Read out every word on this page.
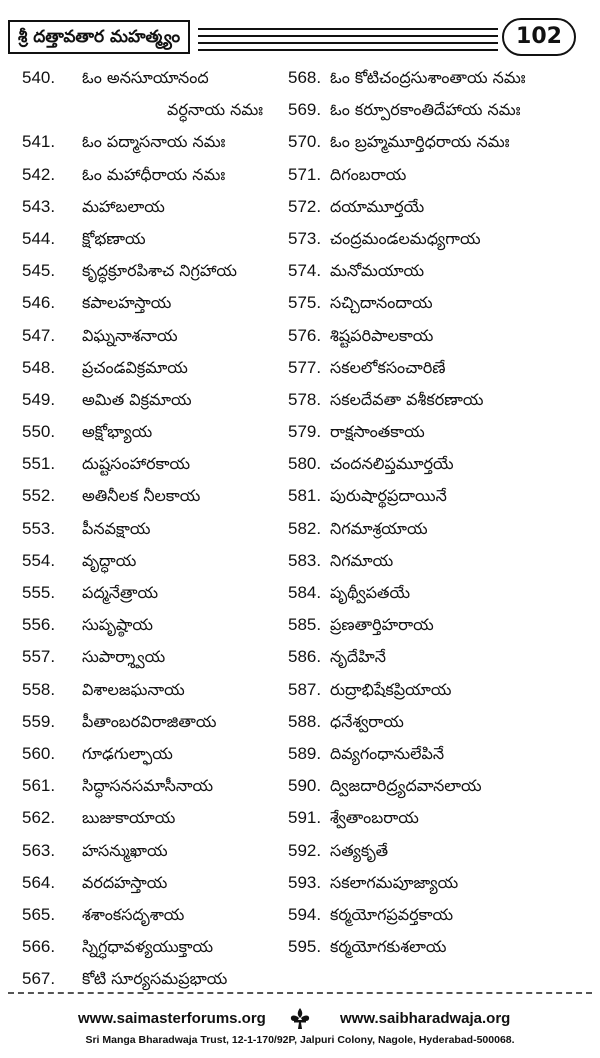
శ్రీ దత్తావతార మహత్మ్యం	102
540. ఓం అనసూయానంద
వర్ధనాయ నమః
541. ఓం పద్మాసనాయ నమః
542. ఓం మహాధీరాయ నమః
543. మహాబలాయ
544. క్షోభణాయ
545. కృద్ధక్రూరపిశాచ నిగ్రహాయ
546. కపాలహస్తాయ
547. విఘ్ననాశనాయ
548. ప్రచండవిక్రమాయ
549. అమిత విక్రమాయ
550. అక్షోభ్యాయ
551. దుష్టసంహారకాయ
552. అతినీలక నీలకాయ
553. పీనవక్షాయ
554. వృద్ధాయ
555. పద్మనేత్రాయ
556. సుపృష్ఠాయ
557. సుపార్శ్వాయ
558. విశాలజఘనాయ
559. పీతాంబరవిరాజితాయ
560. గూఢగుల్ఫాయ
561. సిద్ధాసనసమాసీనాయ
562. బుజుకాయాయ
563. హసన్ముఖాయ
564. వరదహస్తాయ
565. శశాంకసదృశాయ
566. స్నిగ్ధధావళ్యయుక్తాయ
567. కోటి సూర్యసమప్రభాయ
568. ఓం కోటిచంద్రసుశాంతాయ నమః
569. ఓం కర్పూరకాంతిదేహాయ నమః
570. ఓం బ్రహ్మమూర్తిధరాయ నమః
571. దిగంబరాయ
572. దయామూర్తయే
573. చంద్రమండలమధ్యగాయ
574. మనోమయాయ
575. సచ్చిదానందాయ
576. శిష్టపరిపాలకాయ
577. సకలలోకసంచారిణే
578. సకలదేవతా వశీకరణాయ
579. రాక్షసాంతకాయ
580. చందనలిప్తమూర్తయే
581. పురుషార్థప్రదాయినే
582. నిగమాశ్రయాయ
583. నిగమాయ
584. పృథ్వీపతయే
585. ప్రణతార్తిహరాయ
586. నృదేహినే
587. రుద్రాభిషేకప్రియాయ
588. ధనేశ్వరాయ
589. దివ్యగంధానులేపినే
590. ద్విజదారిద్ర్యదవానలాయ
591. శ్వేతాంబరాయ
592. సత్యకృతే
593. సకలాగమపూజ్యాయ
594. కర్మయోగప్రవర్తకాయ
595. కర్మయోగకుశలాయ
www.saimasterforums.org	www.saibharadwaja.org
Sri Manga Bharadwaja Trust, 12-1-170/92P, Jalpuri Colony, Nagole, Hyderabad-500068.
